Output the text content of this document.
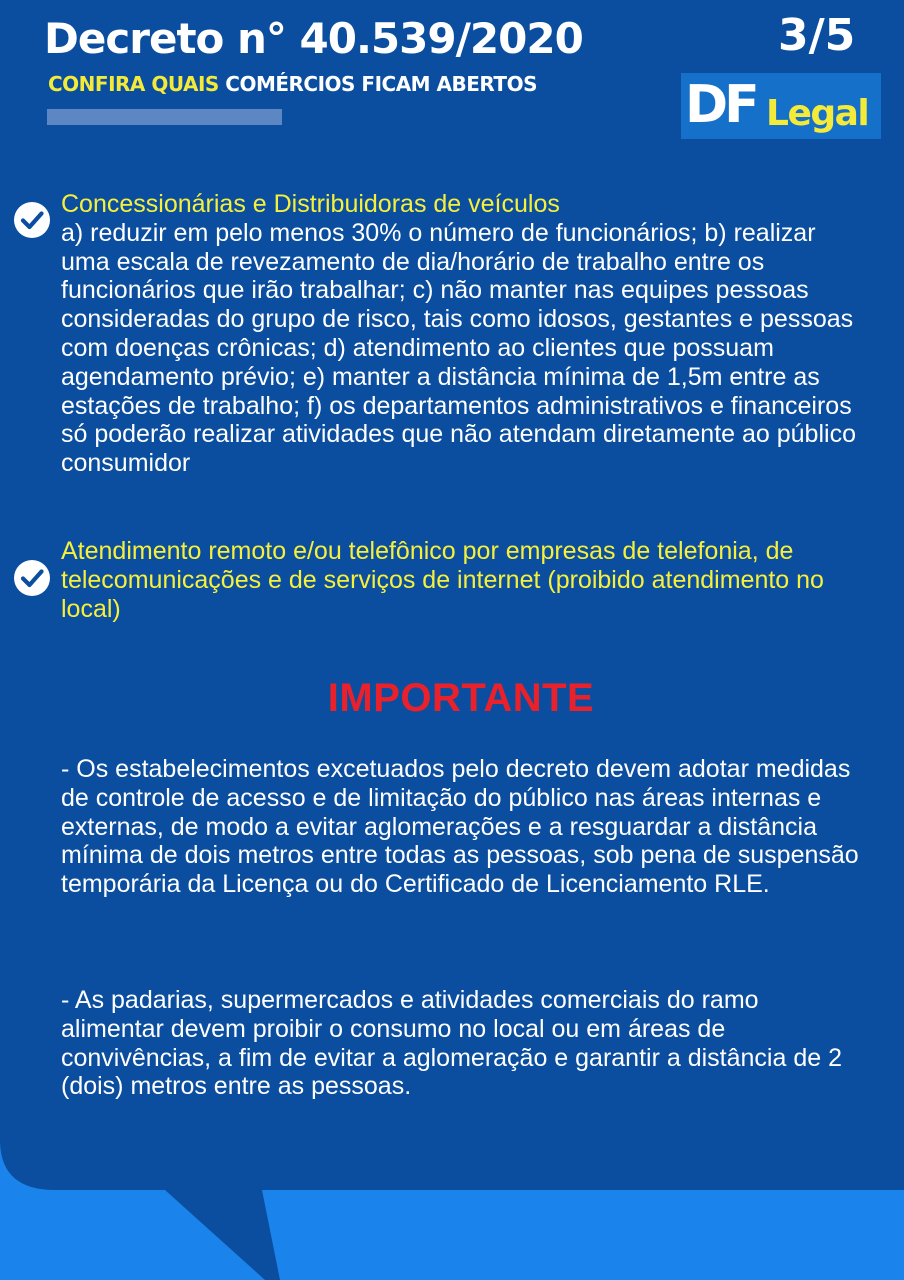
Decreto n° 40.539/2020
CONFIRA QUAIS COMÉRCIOS FICAM ABERTOS
3/5
DF Legal
Concessionárias e Distribuidoras de veículos
a) reduzir em pelo menos 30% o número de funcionários; b) realizar uma escala de revezamento de dia/horário de trabalho entre os funcionários que irão trabalhar; c) não manter nas equipes pessoas consideradas do grupo de risco, tais como idosos, gestantes e pessoas com doenças crônicas; d) atendimento ao clientes que possuam agendamento prévio; e) manter a distância mínima de 1,5m entre as estações de trabalho; f) os departamentos administrativos e financeiros só poderão realizar atividades que não atendam diretamente ao público consumidor
Atendimento remoto e/ou telefônico por empresas de telefonia, de telecomunicações e de serviços de internet (proibido atendimento no local)
IMPORTANTE
- Os estabelecimentos excetuados pelo decreto devem adotar medidas de controle de acesso e de limitação do público nas áreas internas e externas, de modo a evitar aglomerações e a resguardar a distância mínima de dois metros entre todas as pessoas, sob pena de suspensão temporária da Licença ou do Certificado de Licenciamento RLE.
- As padarias, supermercados e atividades comerciais do ramo alimentar devem proibir o consumo no local ou em áreas de convivências, a fim de evitar a aglomeração e garantir a distância de 2 (dois) metros entre as pessoas.
